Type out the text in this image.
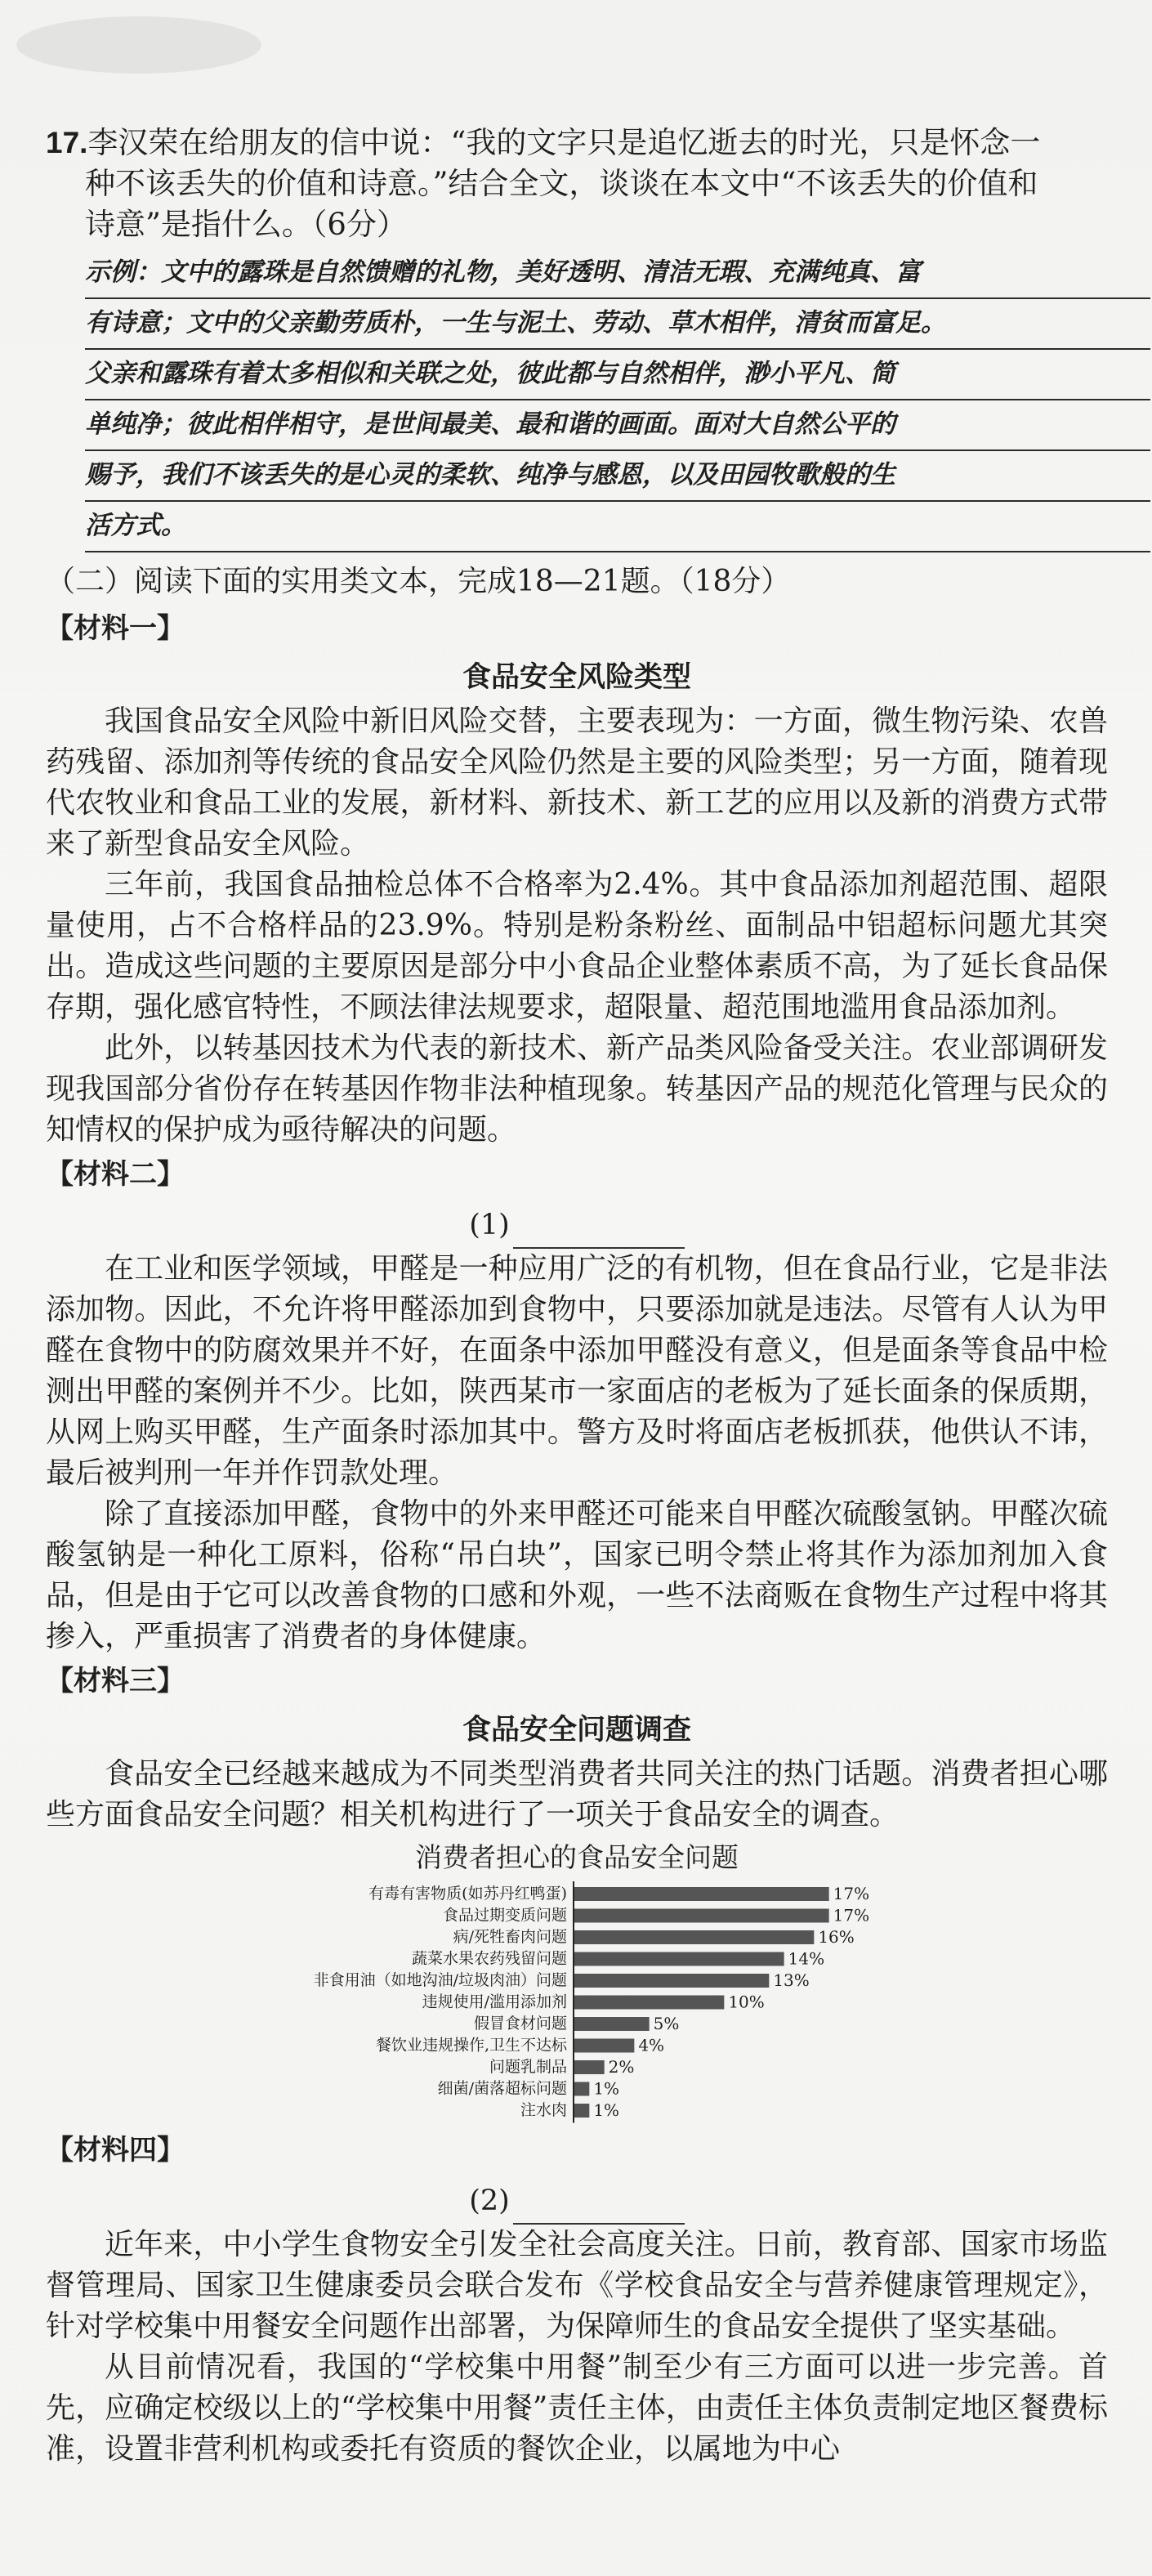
17.李汉荣在给朋友的信中说：“我的文字只是追忆逝去的时光，只是怀念一

种不该丢失的价值和诗意。”结合全文，谈谈在本文中“不该丢失的价值和

诗意”是指什么。（6分）

示例：文中的露珠是自然馈赠的礼物，美好透明、清洁无瑕、充满纯真、富
有诗意；文中的父亲勤劳质朴，一生与泥土、劳动、草木相伴，清贫而富足。
父亲和露珠有着太多相似和关联之处，彼此都与自然相伴，渺小平凡、简
单纯净；彼此相伴相守，是世间最美、最和谐的画面。面对大自然公平的
赐予，我们不该丢失的是心灵的柔软、纯净与感恩，以及田园牧歌般的生
活方式。
（二）阅读下面的实用类文本，完成18—21题。（18分）
【材料一】
食品安全风险类型

我国食品安全风险中新旧风险交替，主要表现为：一方面，微生物污染、农兽药残留、添加剂等传统的食品安全风险仍然是主要的风险类型；另一方面，随着现代农牧业和食品工业的发展，新材料、新技术、新工艺的应用以及新的消费方式带来了新型食品安全风险。

三年前，我国食品抽检总体不合格率为2.4%。其中食品添加剂超范围、超限量使用，占不合格样品的23.9%。特别是粉条粉丝、面制品中铝超标问题尤其突出。造成这些问题的主要原因是部分中小食品企业整体素质不高，为了延长食品保存期，强化感官特性，不顾法律法规要求，超限量、超范围地滥用食品添加剂。

此外，以转基因技术为代表的新技术、新产品类风险备受关注。农业部调研发现我国部分省份存在转基因作物非法种植现象。转基因产品的规范化管理与民众的知情权的保护成为亟待解决的问题。

【材料二】
(1)

在工业和医学领域，甲醛是一种应用广泛的有机物，但在食品行业，它是非法添加物。因此，不允许将甲醛添加到食物中，只要添加就是违法。尽管有人认为甲醛在食物中的防腐效果并不好，在面条中添加甲醛没有意义，但是面条等食品中检测出甲醛的案例并不少。比如，陕西某市一家面店的老板为了延长面条的保质期，从网上购买甲醛，生产面条时添加其中。警方及时将面店老板抓获，他供认不讳，最后被判刑一年并作罚款处理。

除了直接添加甲醛，食物中的外来甲醛还可能来自甲醛次硫酸氢钠。甲醛次硫酸氢钠是一种化工原料，俗称“吊白块”，国家已明令禁止将其作为添加剂加入食品，但是由于它可以改善食物的口感和外观，一些不法商贩在食物生产过程中将其掺入，严重损害了消费者的身体健康。

【材料三】
食品安全问题调查

食品安全已经越来越成为不同类型消费者共同关注的热门话题。消费者担心哪些方面食品安全问题？相关机构进行了一项关于食品安全的调查。

消费者担心的食品安全问题
有毒有害物质(如苏丹红鸭蛋)	17%
食品过期变质问题	17%
病/死牲畜肉问题	16%
蔬菜水果农药残留问题	14%
非食用油（如地沟油/垃圾肉油）问题	13%
违规使用/滥用添加剂	10%
假冒食材问题	5%
餐饮业违规操作,卫生不达标	4%
问题乳制品	2%
细菌/菌落超标问题 1%
注水肉 1%
【材料四】
(2)

近年来，中小学生食物安全引发全社会高度关注。日前，教育部、国家市场监督管理局、国家卫生健康委员会联合发布《学校食品安全与营养健康管理规定》，针对学校集中用餐安全问题作出部署，为保障师生的食品安全提供了坚实基础。

从目前情况看，我国的“学校集中用餐”制至少有三方面可以进一步完善。首先，应确定校级以上的“学校集中用餐”责任主体，由责任主体负责制定地区餐费标准，设置非营利机构或委托有资质的餐饮企业，以属地为中心
